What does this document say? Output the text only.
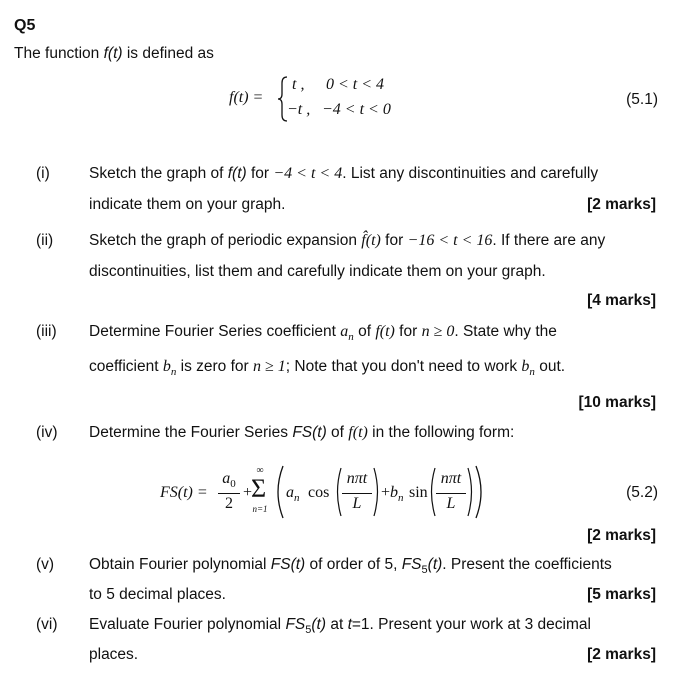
Q5
The function f(t) is defined as
f(t) =
t , 0 < t < 4
−t , −4 < t < 0
(5.1)
(i)	Sketch the graph of f(t) for −4 < t < 4. List any discontinuities and carefully
indicate them on your graph.	[2 marks]
(ii) Sketch the graph of periodic expansion f̂(t) for −16 < t < 16. If there are any
discontinuities, list them and carefully indicate them on your graph.
[4 marks]
(iii) Determine Fourier Series coefficient $a_n$ of f(t) for n ≥ 0. State why the
coefficient $b_n$ is zero for n ≥ 1; Note that you don't need to work $b_n$ out.
[10 marks]
(iv) Determine the Fourier Series FS(t) of f(t) in the following form:
FS(t) =
$a_0$
2
+
∞
Σ
n=1
$a_n$ cos
nπt
L
+ $b_n$ sin
nπt
L
(5.2)
[2 marks]
(v) Obtain Fourier polynomial FS(t) of order of 5, $FS_5(t)$. Present the coefficients
to 5 decimal places.	[5 marks]
(vi) Evaluate Fourier polynomial $FS_5(t)$ at t=1. Present your work at 3 decimal
places.	[2 marks]
